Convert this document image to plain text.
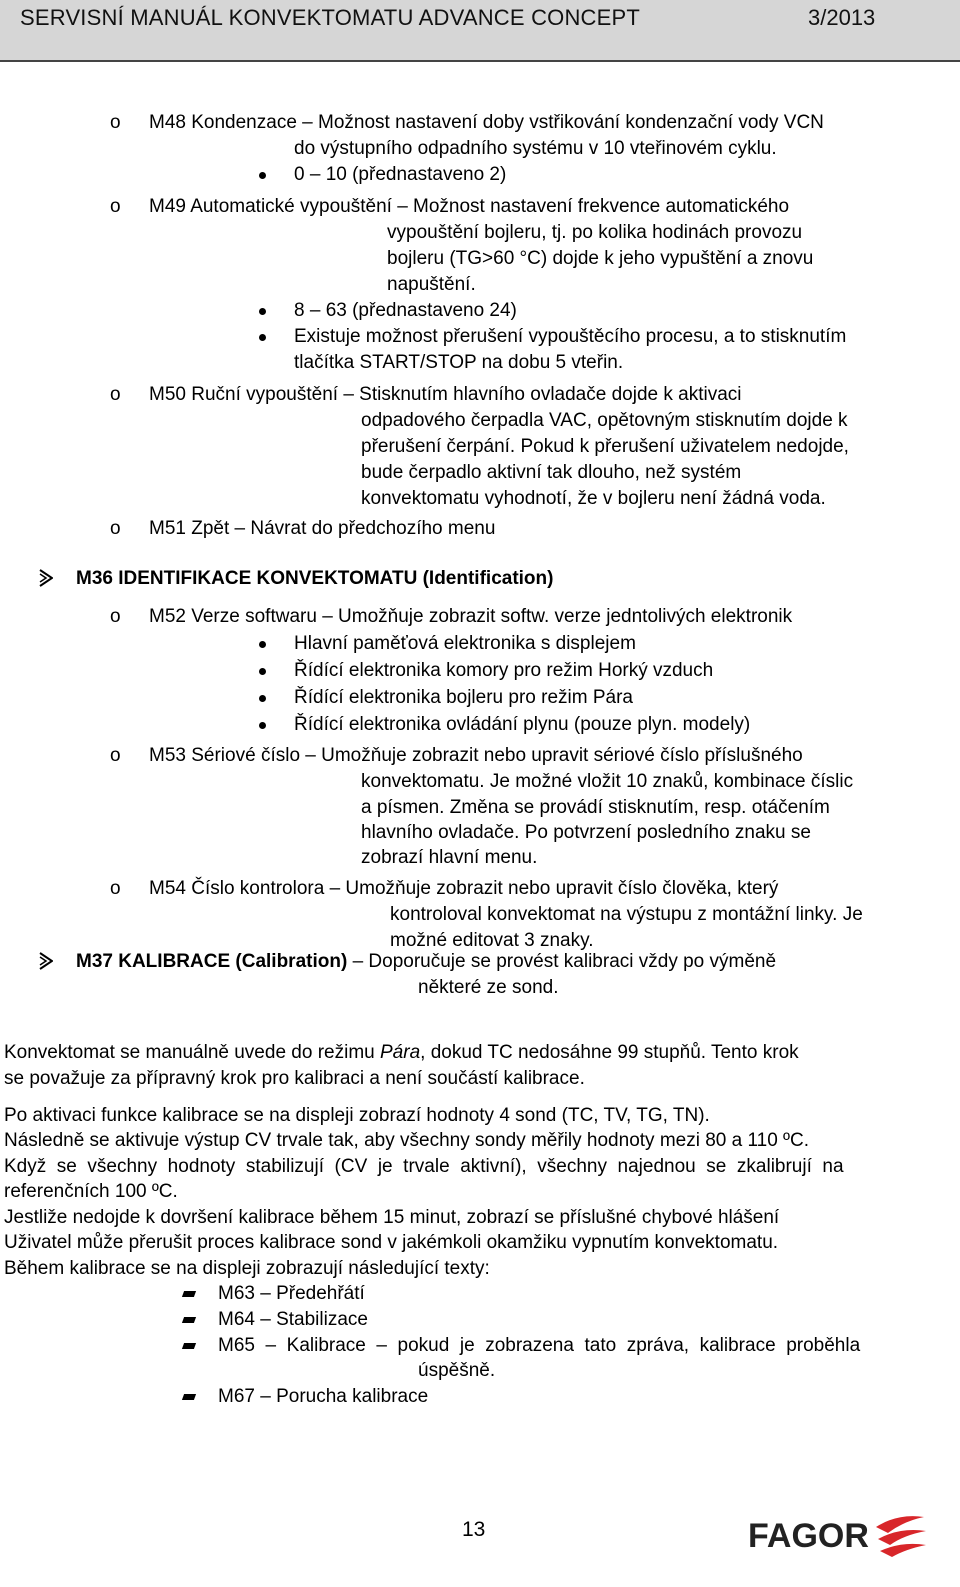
SERVISNÍ MANUÁL KONVEKTOMATU ADVANCE CONCEPT	3/2013
o M48 Kondenzace – Možnost nastavení doby vstřikování kondenzační vody VCN
do výstupního odpadního systému v 10 vteřinovém cyklu.
0 – 10 (přednastaveno 2)
o M49 Automatické vypouštění – Možnost nastavení frekvence automatického
vypouštění bojleru, tj. po kolika hodinách provozu
bojleru (TG>60 °C) dojde k jeho vypuštění a znovu
napuštění.
8 – 63 (přednastaveno 24)
Existuje možnost přerušení vypouštěcího procesu, a to stisknutím
tlačítka START/STOP na dobu 5 vteřin.
o M50 Ruční vypouštění – Stisknutím hlavního ovladače dojde k aktivaci
odpadového čerpadla VAC, opětovným stisknutím dojde k
přerušení čerpání. Pokud k přerušení uživatelem nedojde,
bude čerpadlo aktivní tak dlouho, než systém
konvektomatu vyhodnotí, že v bojleru není žádná voda.
o M51 Zpět – Návrat do předchozího menu
M36 IDENTIFIKACE KONVEKTOMATU (Identification)
o M52 Verze softwaru – Umožňuje zobrazit softw. verze jedntolivých elektronik
Hlavní paměťová elektronika s displejem
Řídící elektronika komory pro režim Horký vzduch
Řídící elektronika bojleru pro režim Pára
Řídící elektronika ovládání plynu (pouze plyn. modely)
o M53 Sériové číslo – Umožňuje zobrazit nebo upravit sériové číslo příslušného
konvektomatu. Je možné vložit 10 znaků, kombinace číslic
a písmen. Změna se provádí stisknutím, resp. otáčením
hlavního ovladače. Po potvrzení posledního znaku se
zobrazí hlavní menu.
o M54 Číslo kontrolora – Umožňuje zobrazit nebo upravit číslo člověka, který
kontroloval konvektomat na výstupu z montážní linky. Je
možné editovat 3 znaky.
M37 KALIBRACE (Calibration) – Doporučuje se provést kalibraci vždy po výměně
některé ze sond.
Konvektomat se manuálně uvede do režimu Pára, dokud TC nedosáhne 99 stupňů. Tento krok
se považuje za přípravný krok pro kalibraci a není součástí kalibrace.
Po aktivaci funkce kalibrace se na displeji zobrazí hodnoty 4 sond (TC, TV, TG, TN).
Následně se aktivuje výstup CV trvale tak, aby všechny sondy měřily hodnoty mezi 80 a 110 ºC.
Když  se  všechny  hodnoty  stabilizují  (CV  je  trvale  aktivní),  všechny  najednou  se  zkalibrují  na
referenčních 100 ºC.
Jestliže nedojde k dovršení kalibrace během 15 minut, zobrazí se příslušné chybové hlášení
Uživatel může přerušit proces kalibrace sond v jakémkoli okamžiku vypnutím konvektomatu.
Během kalibrace se na displeji zobrazují následující texty:
M63 – Předehřátí
M64 – Stabilizace
M65  –  Kalibrace  –  pokud  je  zobrazena  tato  zpráva,  kalibrace  proběhla
úspěšně.
M67 – Porucha kalibrace
13	FAGOR
